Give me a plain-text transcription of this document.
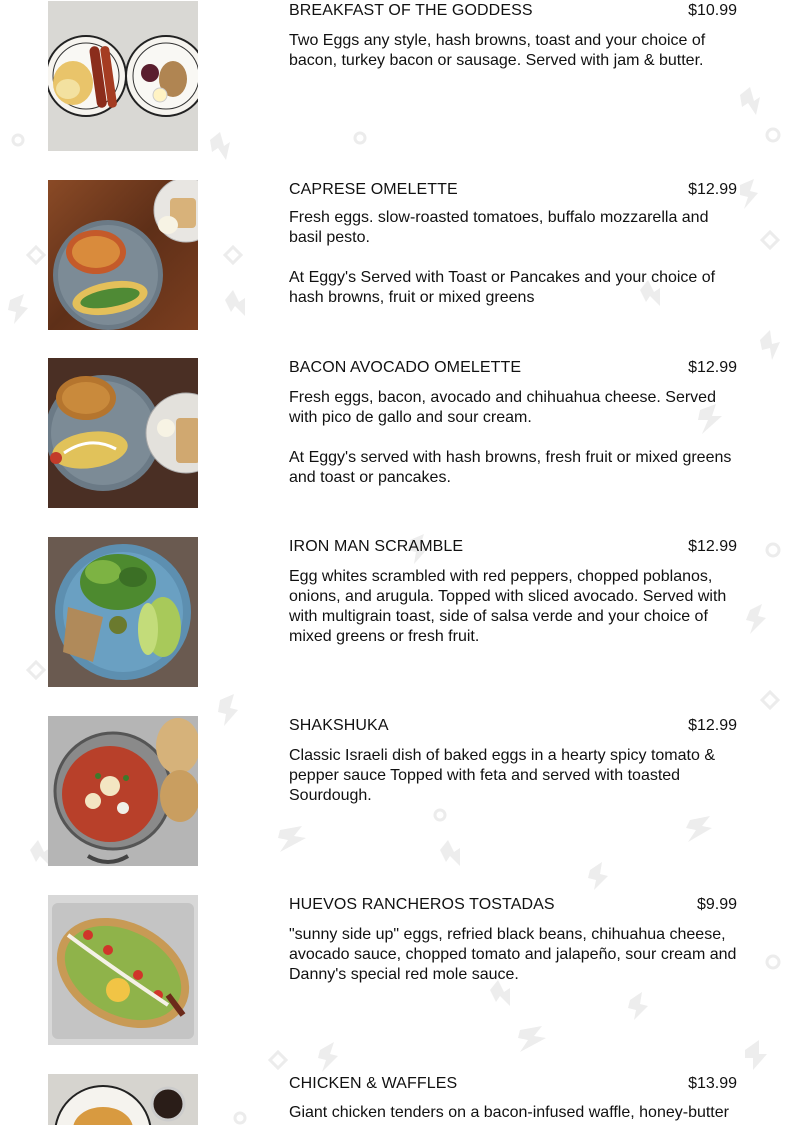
BREAKFAST OF THE GODDESS	$10.99

Two Eggs any style, hash browns, toast and your choice of bacon, turkey bacon or sausage. Served with jam & butter.

CAPRESE OMELETTE	$12.99

Fresh eggs. slow-roasted tomatoes, buffalo mozzarella and basil pesto.

At Eggy's Served with Toast or Pancakes and your choice of hash browns, fruit or mixed greens

BACON AVOCADO OMELETTE	$12.99

Fresh eggs, bacon, avocado and chihuahua cheese. Served with pico de gallo and sour cream.

At Eggy's served with hash browns, fresh fruit or mixed greens and toast or pancakes.

IRON MAN SCRAMBLE	$12.99

Egg whites scrambled with red peppers, chopped poblanos, onions, and arugula. Topped with sliced avocado. Served with with multigrain toast, side of salsa verde and your choice of mixed greens or fresh fruit.

SHAKSHUKA	$12.99

Classic Israeli dish of baked eggs in a hearty spicy tomato & pepper sauce Topped with feta and served with toasted Sourdough.

HUEVOS RANCHEROS TOSTADAS	$9.99

"sunny side up" eggs, refried black beans, chihuahua cheese, avocado sauce, chopped tomato and jalapeño, sour cream and Danny's special red mole sauce.

CHICKEN & WAFFLES	$13.99

Giant chicken tenders on a bacon-infused waffle, honey-butter
